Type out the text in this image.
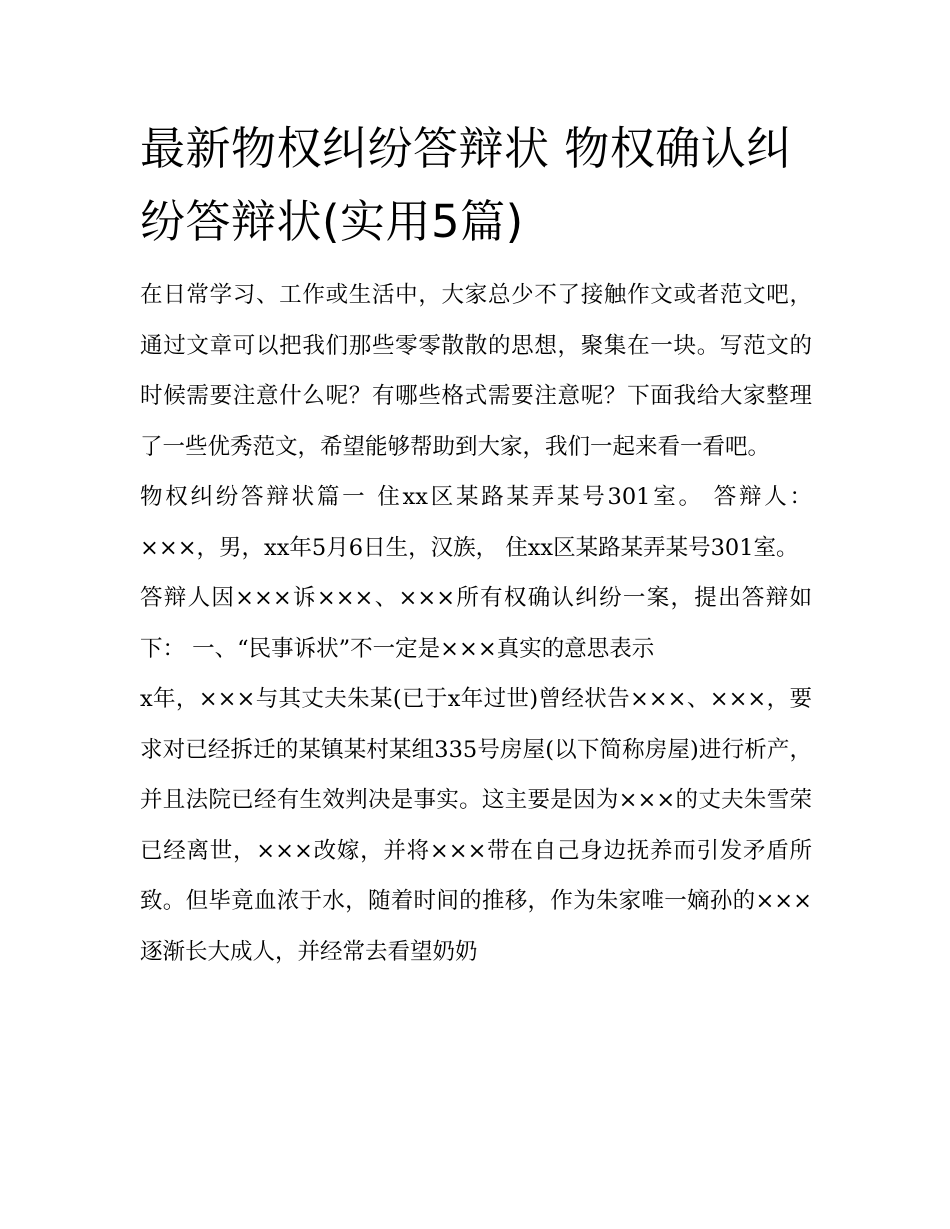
最新物权纠纷答辩状 物权确认纠纷答辩状(实用5篇)

在日常学习、工作或生活中，大家总少不了接触作文或者范文吧，通过文章可以把我们那些零零散散的思想，聚集在一块。写范文的时候需要注意什么呢？有哪些格式需要注意呢？下面我给大家整理了一些优秀范文，希望能够帮助到大家，我们一起来看一看吧。

物权纠纷答辩状篇一 住xx区某路某弄某号301室。 答辩人：×××，男，xx年5月6日生，汉族， 住xx区某路某弄某号301室。

答辩人因×××诉×××、×××所有权确认纠纷一案，提出答辩如下： 一、“民事诉状”不一定是×××真实的意思表示

x年，×××与其丈夫朱某(已于x年过世)曾经状告×××、×××，要求对已经拆迁的某镇某村某组335号房屋(以下简称房屋)进行析产，并且法院已经有生效判决是事实。这主要是因为×××的丈夫朱雪荣已经离世，×××改嫁，并将×××带在自己身边抚养而引发矛盾所致。但毕竟血浓于水，随着时间的推移，作为朱家唯一嫡孙的×××逐渐长大成人，并经常去看望奶奶
